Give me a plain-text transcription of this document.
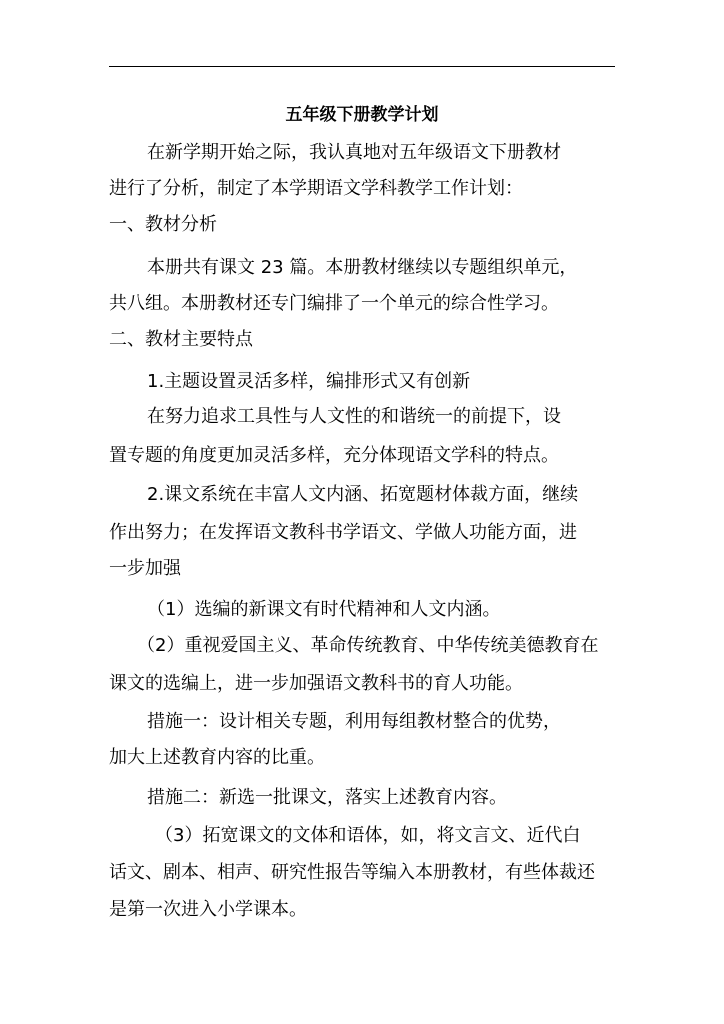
五年级下册教学计划
在新学期开始之际，我认真地对五年级语文下册教材
进行了分析，制定了本学期语文学科教学工作计划：
一、教材分析
本册共有课文 23 篇。本册教材继续以专题组织单元，
共八组。本册教材还专门编排了一个单元的综合性学习。
二、教材主要特点
1.主题设置灵活多样，编排形式又有创新
在努力追求工具性与人文性的和谐统一的前提下，设
置专题的角度更加灵活多样，充分体现语文学科的特点。
2.课文系统在丰富人文内涵、拓宽题材体裁方面，继续
作出努力；在发挥语文教科书学语文、学做人功能方面，进
一步加强
（1）选编的新课文有时代精神和人文内涵。
（2）重视爱国主义、革命传统教育、中华传统美德教育在
课文的选编上，进一步加强语文教科书的育人功能。
措施一：设计相关专题，利用每组教材整合的优势，
加大上述教育内容的比重。
措施二：新选一批课文，落实上述教育内容。
（3）拓宽课文的文体和语体，如，将文言文、近代白
话文、剧本、相声、研究性报告等编入本册教材，有些体裁还
是第一次进入小学课本。
